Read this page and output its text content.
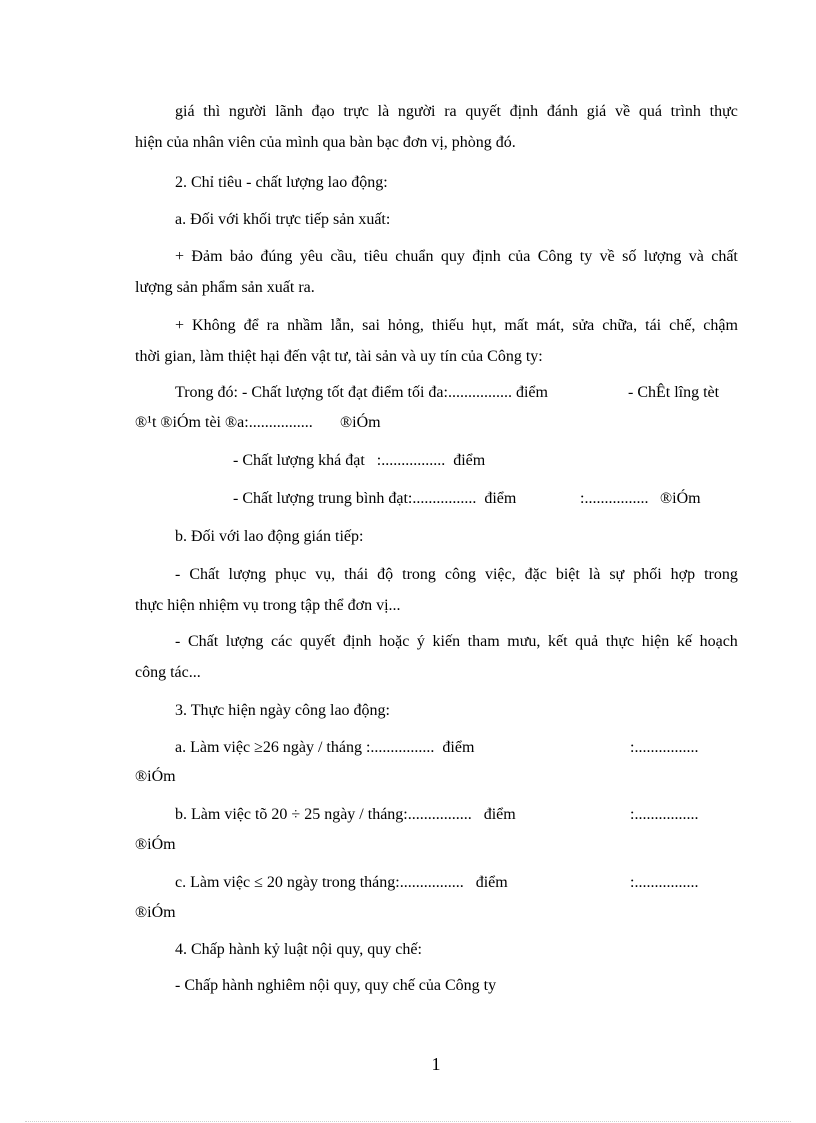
giá thì người lãnh đạo trực là người ra quyết định đánh giá về quá trình thực
hiện của nhân viên của mình qua bàn bạc đơn vị, phòng đó.
2. Chỉ tiêu - chất lượng lao động:
a. Đối với khối trực tiếp sản xuất:
+ Đảm bảo đúng yêu cầu, tiêu chuẩn quy định của Công ty về số lượng và chất
lượng sản phẩm sản xuất ra.
+ Không để ra nhầm lẫn, sai hỏng, thiếu hụt, mất mát, sửa chữa, tái chế, chậm
thời gian, làm thiệt hại đến vật tư, tài sản và uy tín của Công ty:
Trong đó: - Chất lượng tốt đạt điểm tối đa:................ điểm	- ChÊt lîng tèt
®¹t ®iÓm tèi ®a:................ ®iÓm
- Chất lượng khá đạt   :................  điểm
- Chất lượng trung bình đạt:................  điểm	:................ ®iÓm
b. Đối với lao động gián tiếp:
- Chất lượng phục vụ, thái độ trong công việc, đặc biệt là sự phối hợp trong
thực hiện nhiệm vụ trong tập thể đơn vị...
- Chất lượng các quyết định hoặc ý kiến tham mưu, kết quả thực hiện kế hoạch
công tác...
3. Thực hiện ngày công lao động:
a. Làm việc ≥26 ngày / tháng :................  điểm	:................
®iÓm
b. Làm việc tõ 20 ÷ 25 ngày / tháng:................   điểm	:................
®iÓm
c. Làm việc ≤ 20 ngày trong tháng:................   điểm	:................
®iÓm
4. Chấp hành kỷ luật nội quy, quy chế:
- Chấp hành nghiêm nội quy, quy chế của Công ty
1
